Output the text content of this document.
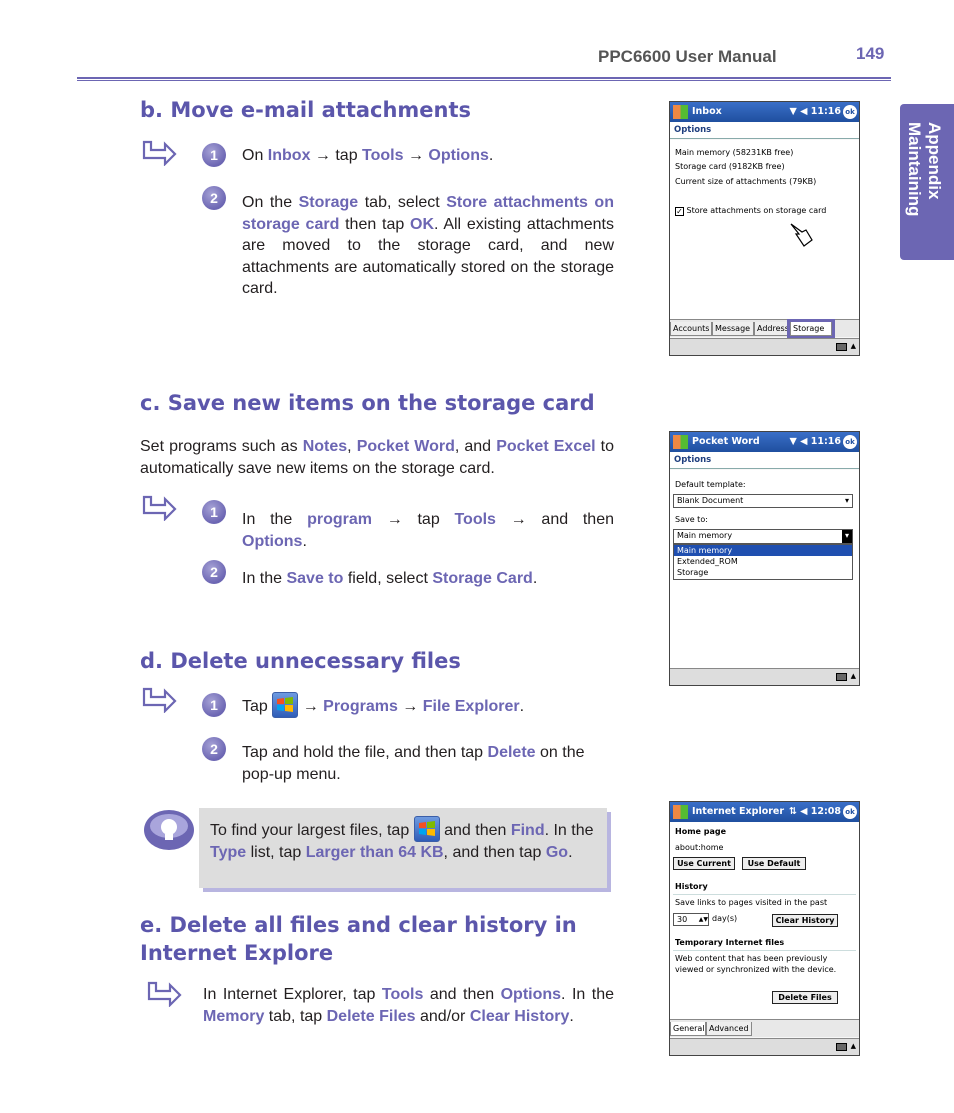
PPC6600 User Manual	149
Appendix
Maintaining
b. Move e-mail attachments
1	On Inbox → tap Tools → Options.
2	On the Storage tab, select Store attachments on storage card then tap OK. All existing attachments are moved to the storage card, and new attachments are automatically stored on the storage card.
Inbox	▼ ◀ 11:16 ok
Options
Main memory (58231KB free)
Storage card (9182KB free)
Current size of attachments (79KB)
✓ Store attachments on storage card
Accounts Message Address Storage
▲
c. Save new items on the storage card
Set programs such as Notes, Pocket Word, and Pocket Excel to automatically save new items on the storage card.
1	In the program → tap Tools → and then Options.
2	In the Save to field, select Storage Card.
Pocket Word	▼ ◀ 11:16 ok
Options
Default template:
Blank Document	▾
Save to:
Main memory	▾
Main memory
Extended_ROM
Storage
▲
d. Delete unnecessary files
1	Tap
→ Programs → File Explorer.
2	Tap and hold the file, and then tap Delete on the pop-up menu.
To find your largest files, tap
and then Find. In the Type list, tap Larger than 64 KB, and then tap Go.
e. Delete all files and clear history in
Internet Explore
In Internet Explorer, tap Tools and then Options. In the Memory tab, tap Delete Files and/or Clear History.
Internet Explorer ⇅ ◀ 12:08 ok
Home page
about:home
Use Current	Use Default
History
Save links to pages visited in the past
30 ▲▼ day(s)	Clear History
Temporary Internet files
Web content that has been previously
viewed or synchronized with the device.
Delete Files
General Advanced
▲
